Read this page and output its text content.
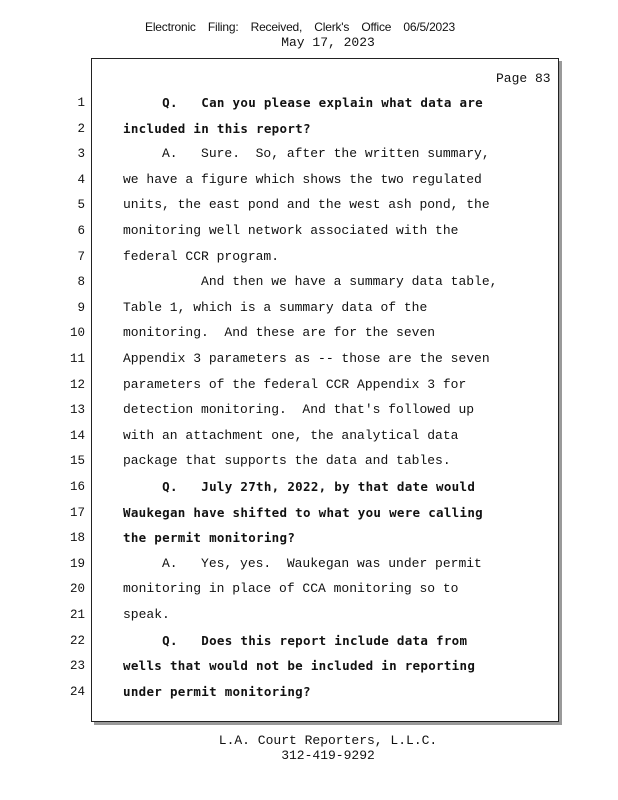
Electronic Filing: Received, Clerk's Office 06/5/2023
May 17, 2023
Page 83
1	Q.   Can you please explain what data are
2	included in this report?
3	A.   Sure.  So, after the written summary,
4	we have a figure which shows the two regulated
5	units, the east pond and the west ash pond, the
6	monitoring well network associated with the
7	federal CCR program.
8	And then we have a summary data table,
9	Table 1, which is a summary data of the
10	monitoring.  And these are for the seven
11	Appendix 3 parameters as -- those are the seven
12	parameters of the federal CCR Appendix 3 for
13	detection monitoring.  And that's followed up
14	with an attachment one, the analytical data
15	package that supports the data and tables.
16	Q.   July 27th, 2022, by that date would
17	Waukegan have shifted to what you were calling
18	the permit monitoring?
19	A.   Yes, yes.  Waukegan was under permit
20	monitoring in place of CCA monitoring so to
21	speak.
22	Q.   Does this report include data from
23	wells that would not be included in reporting
24	under permit monitoring?
L.A. Court Reporters, L.L.C.
312-419-9292
